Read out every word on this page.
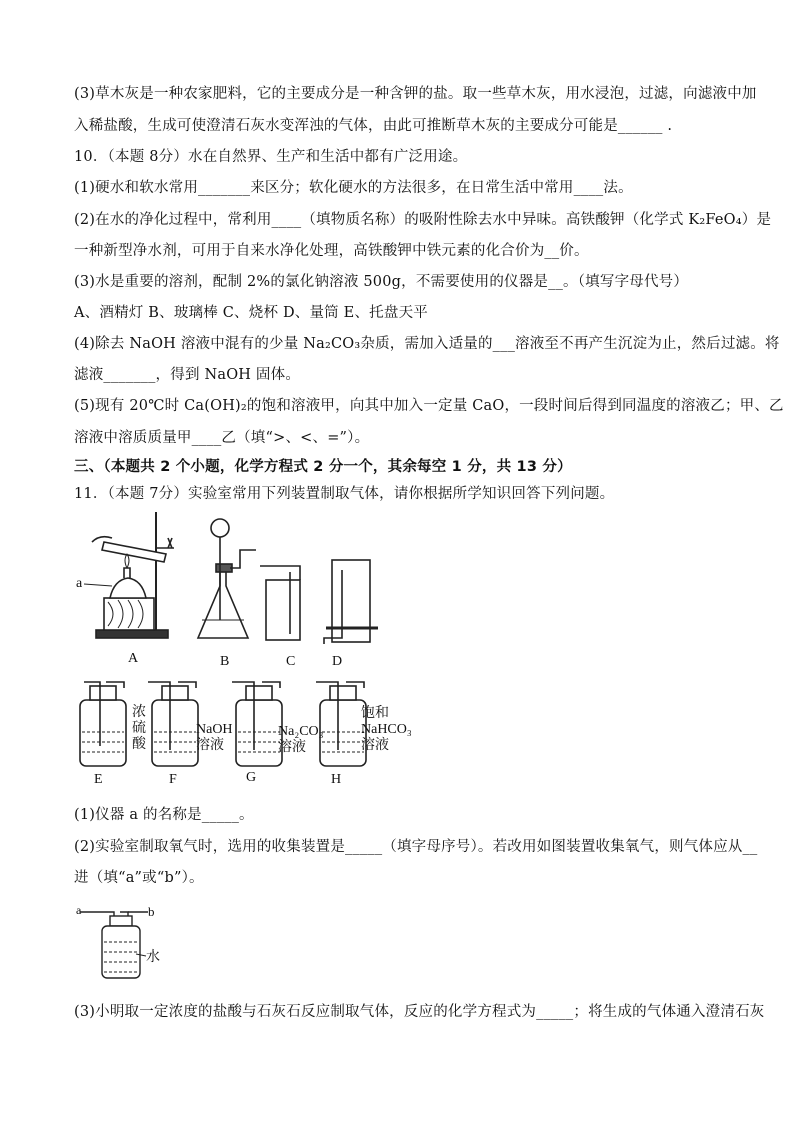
(3)草木灰是一种农家肥料，它的主要成分是一种含钾的盐。取一些草木灰，用水浸泡，过滤，向滤液中加
入稀盐酸，生成可使澄清石灰水变浑浊的气体，由此可推断草木灰的主要成分可能是______ .
10．（本题 8分）水在自然界、生产和生活中都有广泛用途。
(1)硬水和软水常用_______来区分；软化硬水的方法很多，在日常生活中常用____法。
(2)在水的净化过程中，常利用____（填物质名称）的吸附性除去水中异味。高铁酸钾（化学式 K₂FeO₄）是
一种新型净水剂，可用于自来水净化处理，高铁酸钾中铁元素的化合价为__价。
(3)水是重要的溶剂，配制 2%的氯化钠溶液 500g，不需要使用的仪器是__。（填写字母代号）
A、酒精灯 B、玻璃棒 C、烧杯 D、量筒 E、托盘天平
(4)除去 NaOH 溶液中混有的少量 Na₂CO₃杂质，需加入适量的___溶液至不再产生沉淀为止，然后过滤。将
滤液_______，得到 NaOH 固体。
(5)现有 20℃时 Ca(OH)₂的饱和溶液甲，向其中加入一定量 CaO，一段时间后得到同温度的溶液乙；甲、乙
溶液中溶质质量甲____乙（填“>、<、=”）。
三、（本题共 2 个小题，化学方程式 2 分一个，其余每空 1 分，共 13 分）
11．（本题 7分）实验室常用下列装置制取气体，请你根据所学知识回答下列问题。
a
A	B	C	D
浓
硫
酸
NaOH
溶液
Na₂CO₃
溶液
饱和
NaHCO₃
溶液
E	F	G	H
(1)仪器 a 的名称是_____。
(2)实验室制取氧气时，选用的收集装置是_____（填字母序号）。若改用如图装置收集氧气，则气体应从__
进（填“a”或“b”）。
a	b
水
(3)小明取一定浓度的盐酸与石灰石反应制取气体，反应的化学方程式为_____；将生成的气体通入澄清石灰
